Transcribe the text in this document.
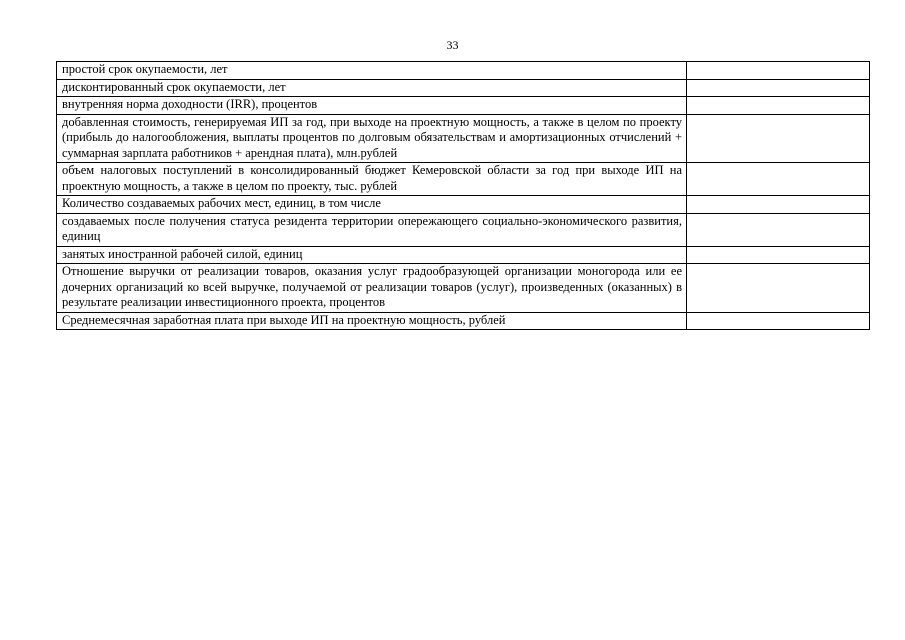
33
простой срок окупаемости, лет	
дисконтированный срок окупаемости, лет	
внутренняя норма доходности (IRR), процентов	
добавленная стоимость, генерируемая ИП за год, при выходе на проектную мощность, а также в целом по проекту (прибыль до налогообложения, выплаты процентов по долговым обязательствам и амортизационных отчислений + суммарная зарплата работников + арендная плата), млн.рублей	
объем налоговых поступлений в консолидированный бюджет Кемеровской области за год при выходе ИП на проектную мощность, а также в целом по проекту, тыс. рублей	
Количество создаваемых рабочих мест, единиц, в том числе	
создаваемых после получения статуса резидента территории опережающего социально-экономического развития, единиц	
занятых иностранной рабочей силой, единиц	
Отношение выручки от реализации товаров, оказания услуг градообразующей организации моногорода или ее дочерних организаций ко всей выручке, получаемой от реализации товаров (услуг), произведенных (оказанных) в результате реализации инвестиционного проекта, процентов	
Среднемесячная заработная плата при выходе ИП на проектную мощность, рублей	
